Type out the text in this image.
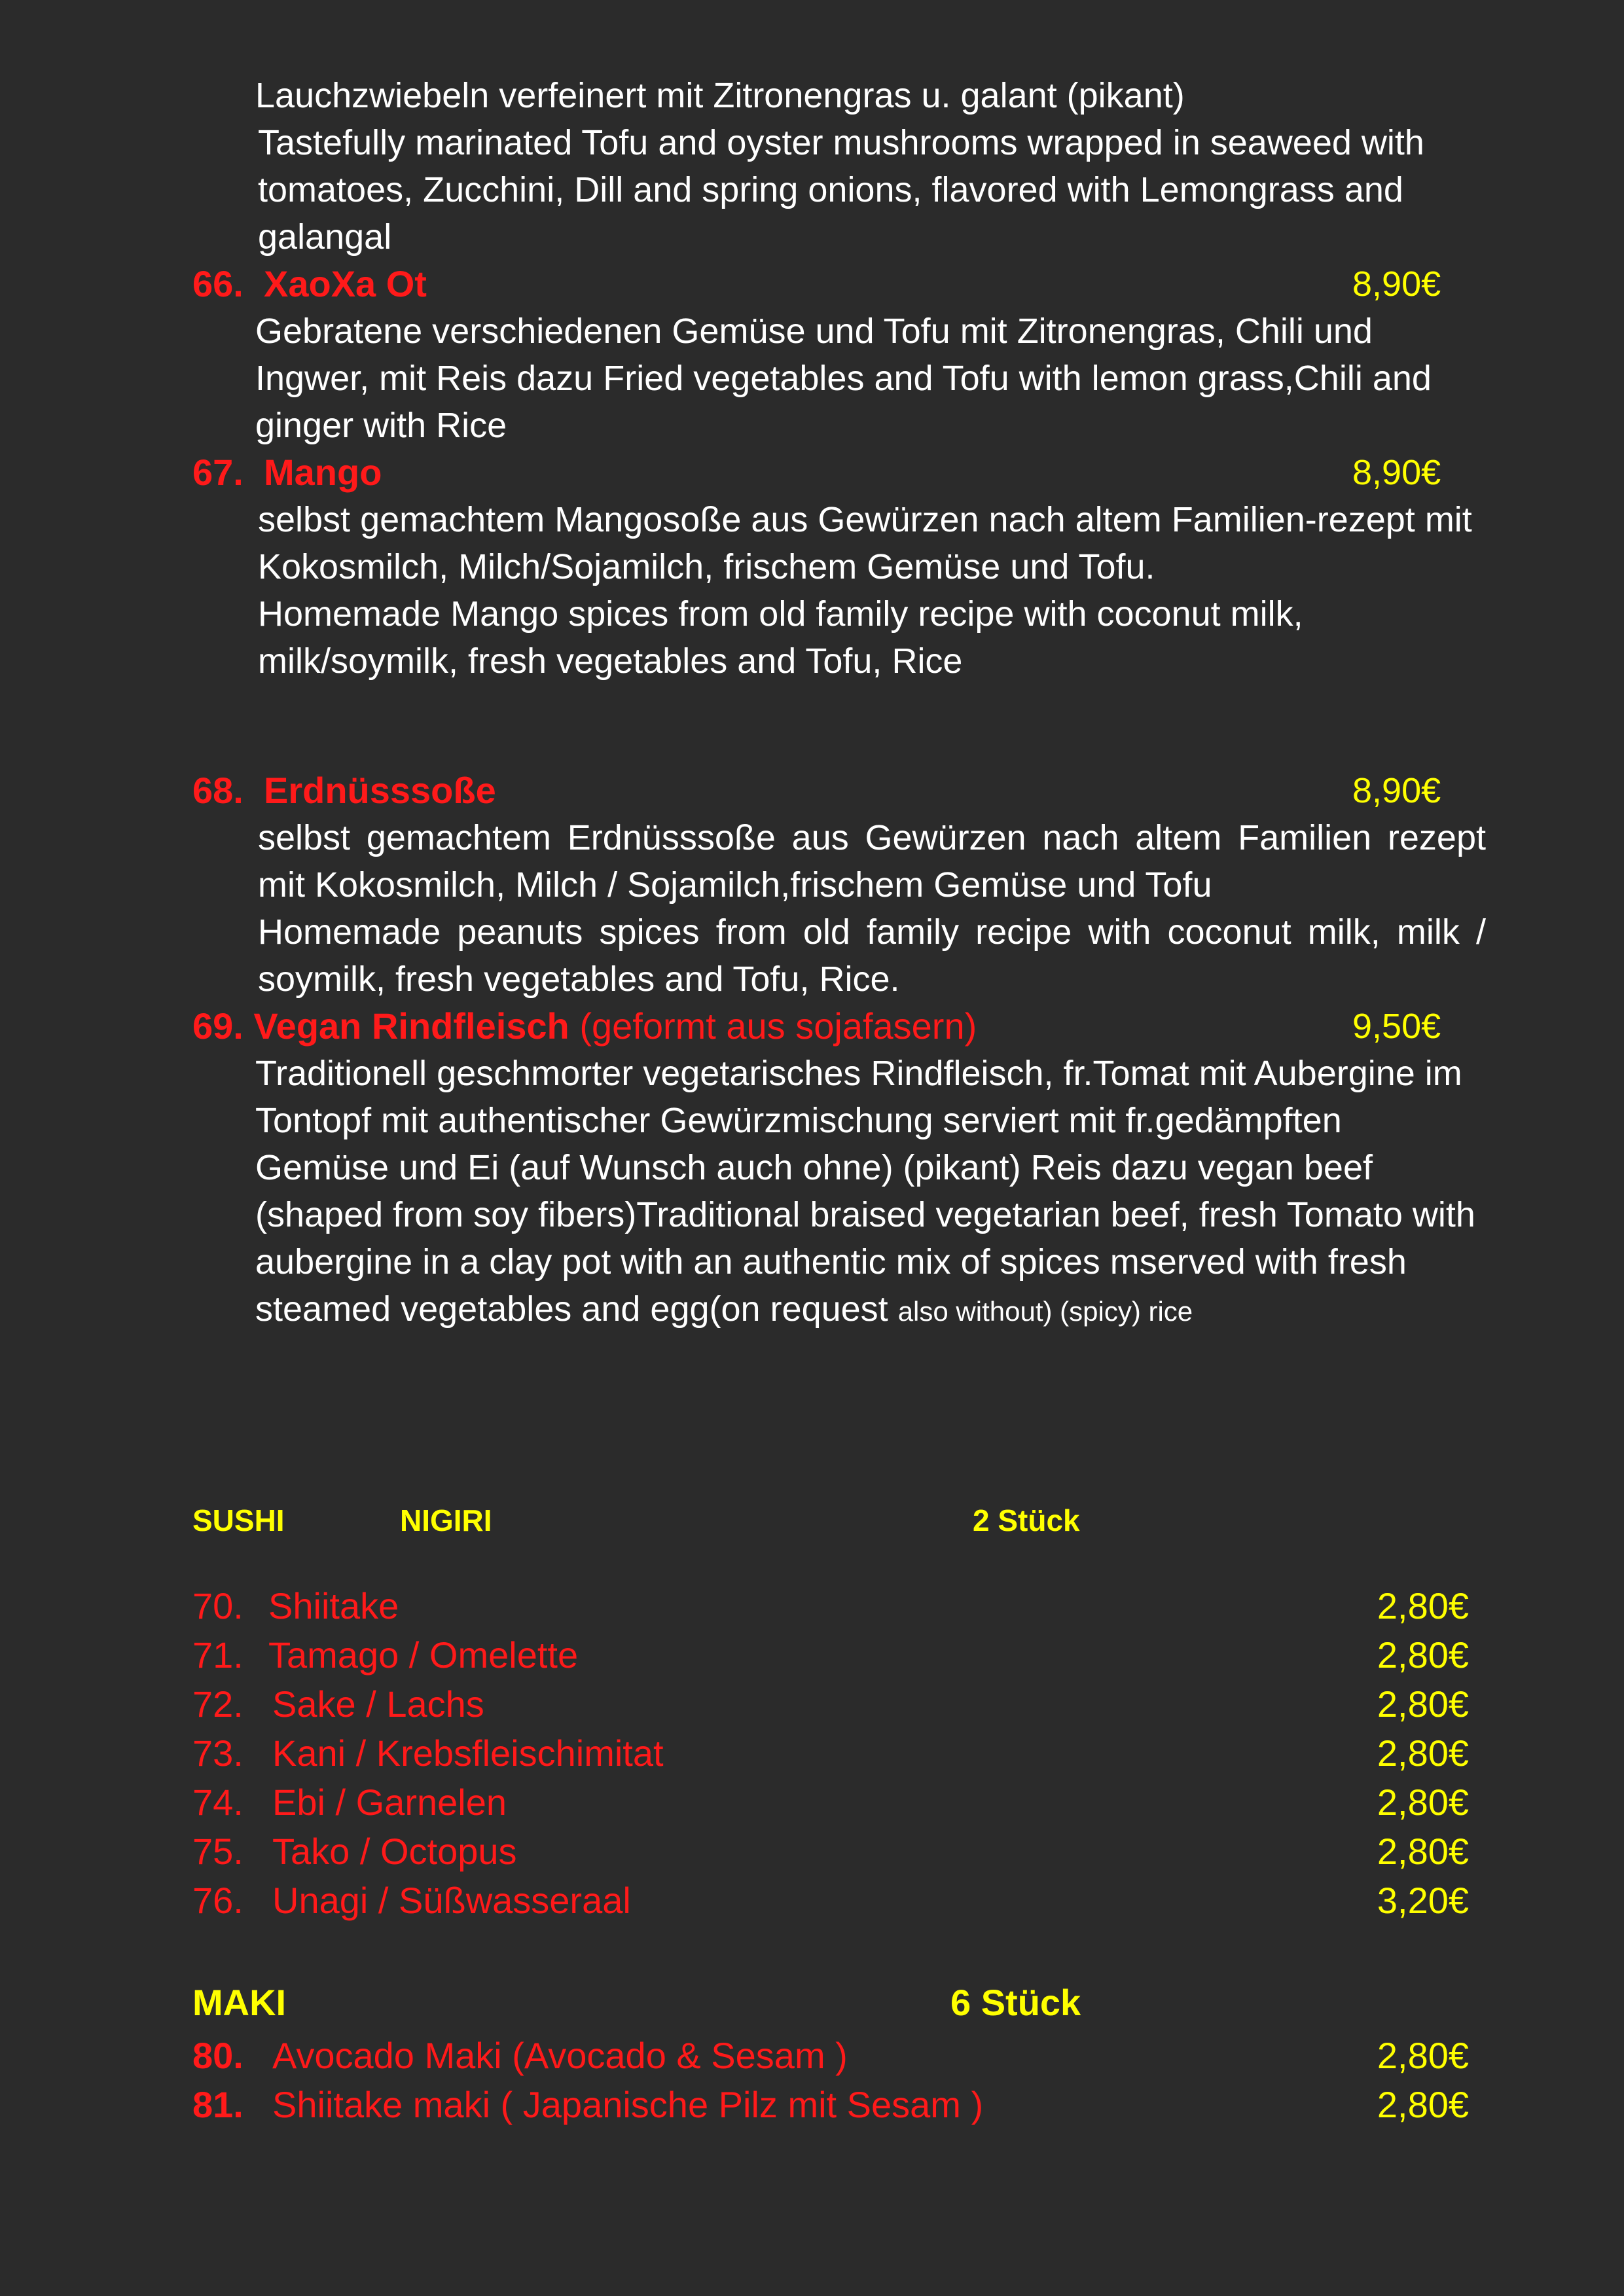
Lauchzwiebeln verfeinert mit Zitronengras u. galant (pikant)
Tastefully marinated Tofu and oyster mushrooms wrapped in seaweed with tomatoes, Zucchini, Dill and spring onions, flavored with Lemongrass and galangal
66. XaoXa Ot	8,90€
Gebratene verschiedenen Gemüse und Tofu mit Zitronengras, Chili und Ingwer, mit Reis dazu Fried vegetables and Tofu with lemon grass,Chili and ginger with Rice
67. Mango	8,90€
selbst gemachtem Mangosoße aus Gewürzen nach altem Familien-rezept mit Kokosmilch, Milch/Sojamilch, frischem Gemüse und Tofu.
Homemade Mango spices from old family recipe with coconut milk, milk/soymilk, fresh vegetables and Tofu, Rice
68. Erdnüsssoße	8,90€
selbst gemachtem Erdnüsssoße aus Gewürzen nach altem Familien rezept mit Kokosmilch, Milch / Sojamilch,frischem Gemüse und Tofu
Homemade peanuts spices from old family recipe with coconut milk, milk / soymilk, fresh vegetables and Tofu, Rice.
69. Vegan Rindfleisch (geformt aus sojafasern)	9,50€
Traditionell geschmorter vegetarisches Rindfleisch, fr.Tomat mit Aubergine im Tontopf mit authentischer Gewürzmischung serviert mit fr.gedämpften Gemüse und Ei (auf Wunsch auch ohne) (pikant) Reis dazu vegan beef (shaped from soy fibers)Traditional braised vegetarian beef, fresh Tomato with aubergine in a clay pot with an authentic mix of spices mserved with fresh steamed vegetables and egg(on request also without) (spicy) rice
SUSHI	NIGIRI	2 Stück
70. Shiitake	2,80€
71. Tamago / Omelette	2,80€
72. Sake / Lachs	2,80€
73. Kani / Krebsfleischimitat	2,80€
74. Ebi / Garnelen	2,80€
75. Tako / Octopus	2,80€
76. Unagi / Süßwasseraal	3,20€
MAKI	6 Stück
80. Avocado Maki (Avocado & Sesam )	2,80€
81. Shiitake maki ( Japanische Pilz mit Sesam )	2,80€
